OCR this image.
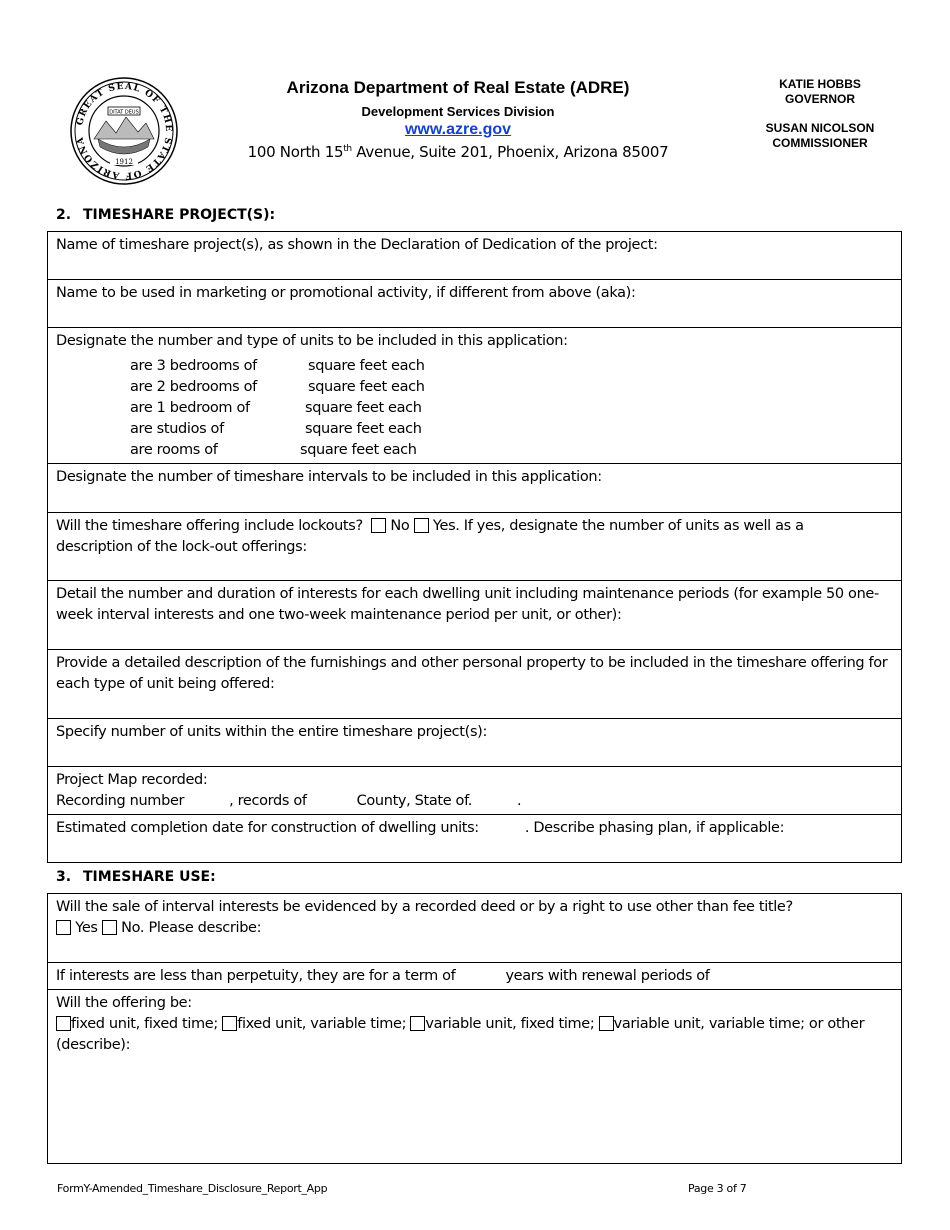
GREAT SEAL OF THE STATE OF ARIZONA
DITAT DEUS
1912
Arizona Department of Real Estate (ADRE)
Development Services Division
www.azre.gov
100 North 15th Avenue, Suite 201, Phoenix, Arizona 85007
KATIE HOBBS
GOVERNOR
SUSAN NICOLSON
COMMISSIONER
2. TIMESHARE PROJECT(S):
Name of timeshare project(s), as shown in the Declaration of Dedication of the project:
Name to be used in marketing or promotional activity, if different from above (aka):
Designate the number and type of units to be included in this application:
are 3 bedrooms of	square feet each
are 2 bedrooms of	square feet each
are 1 bedroom of	square feet each
are studios of	square feet each
are rooms of	square feet each
Designate the number of timeshare intervals to be included in this application:
Will the timeshare offering include lockouts? No Yes. If yes, designate the number of units as well as a
description of the lock-out offerings:
Detail the number and duration of interests for each dwelling unit including maintenance periods (for example 50 one-
week interval interests and one two-week maintenance period per unit, or other):
Provide a detailed description of the furnishings and other personal property to be included in the timeshare offering for
each type of unit being offered:
Specify number of units within the entire timeshare project(s):
Project Map recorded:
Recording number	, records of	County, State of.	.
Estimated completion date for construction of dwelling units:	. Describe phasing plan, if applicable:
3. TIMESHARE USE:
Will the sale of interval interests be evidenced by a recorded deed or by a right to use other than fee title?
Yes No. Please describe:
If interests are less than perpetuity, they are for a term of	years with renewal periods of
Will the offering be:
fixed unit, fixed time; fixed unit, variable time; variable unit, fixed time; variable unit, variable time; or other
(describe):
FormY-Amended_Timeshare_Disclosure_Report_App	Page 3 of 7
